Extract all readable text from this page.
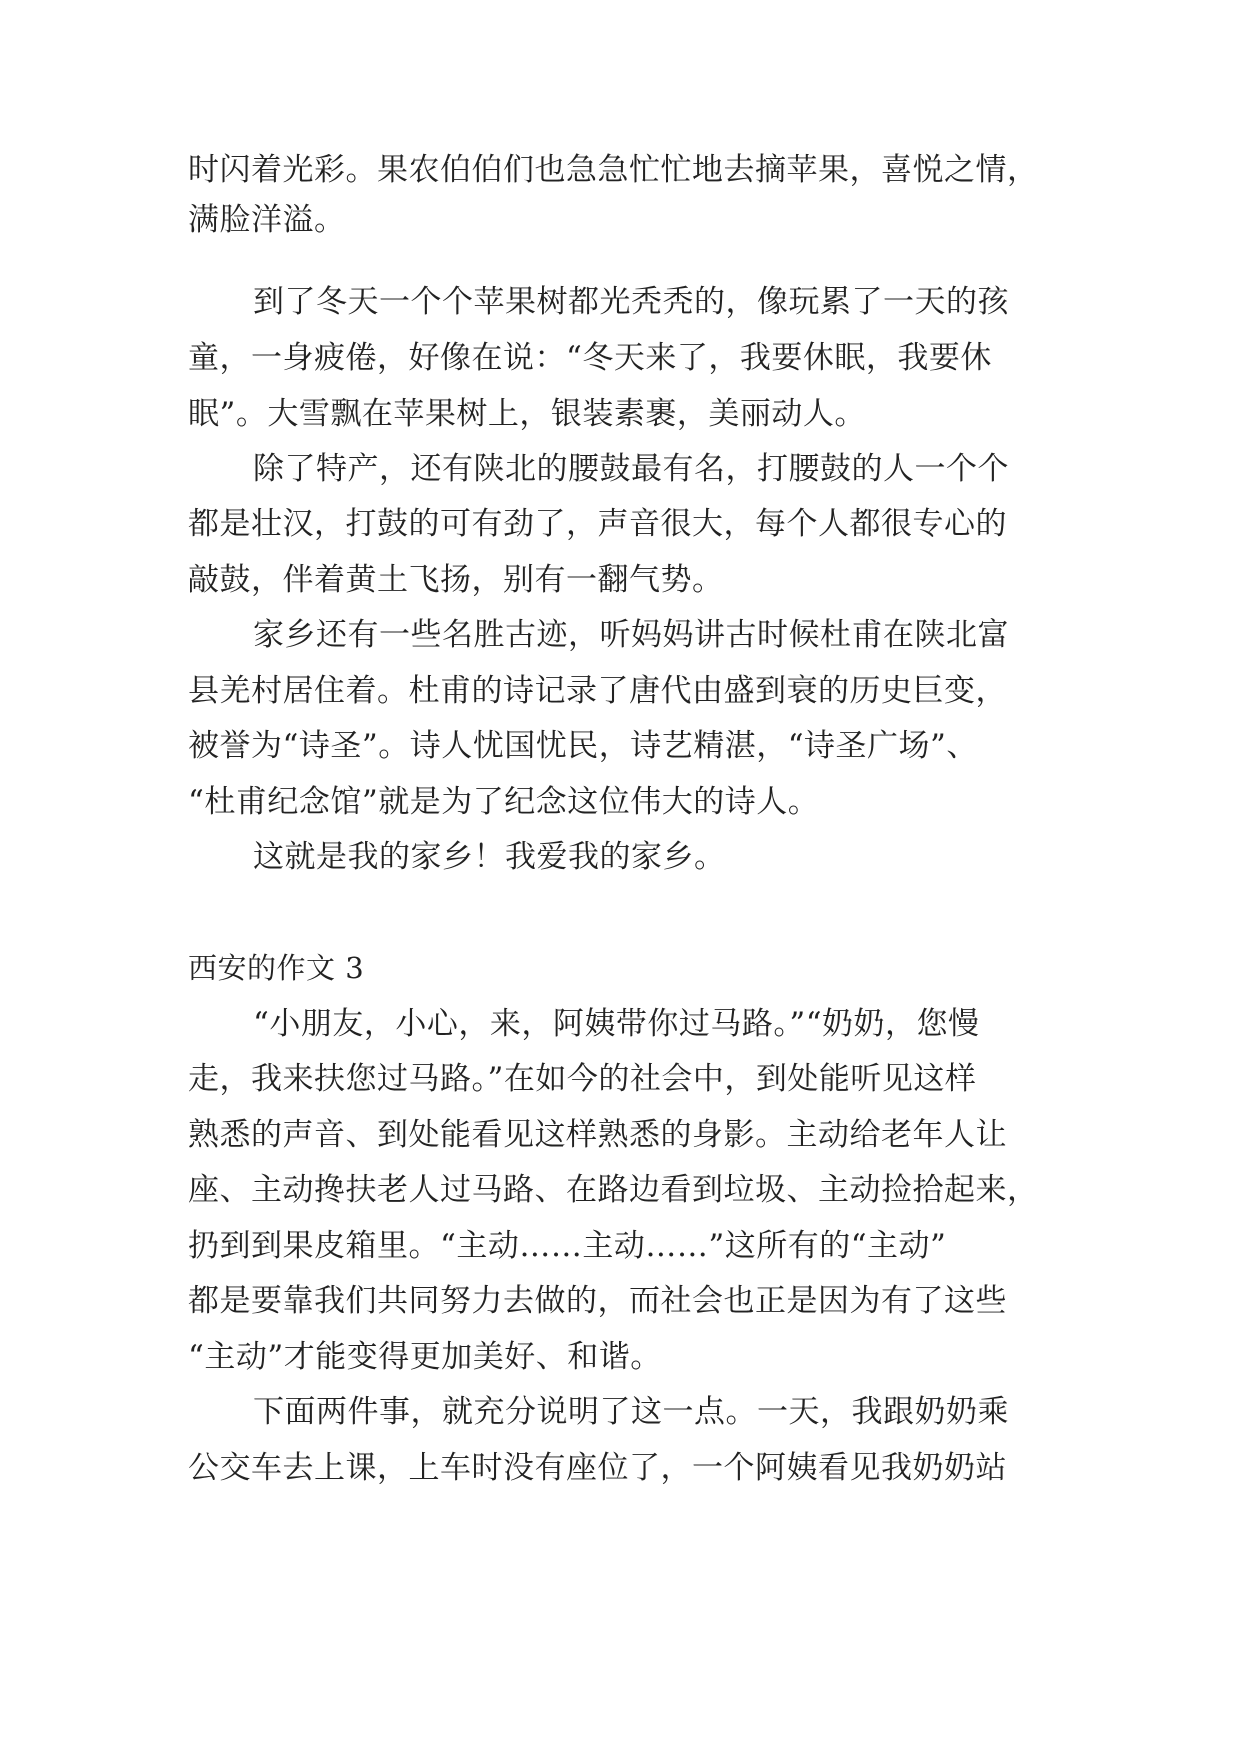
时闪着光彩。果农伯伯们也急急忙忙地去摘苹果，喜悦之情，
满脸洋溢。
到了冬天一个个苹果树都光秃秃的，像玩累了一天的孩
童，一身疲倦，好像在说：“冬天来了，我要休眠，我要休
眠”。大雪飘在苹果树上，银装素裹，美丽动人。
除了特产，还有陕北的腰鼓最有名，打腰鼓的人一个个
都是壮汉，打鼓的可有劲了，声音很大，每个人都很专心的
敲鼓，伴着黄土飞扬，别有一翻气势。
家乡还有一些名胜古迹，听妈妈讲古时候杜甫在陕北富
县羌村居住着。杜甫的诗记录了唐代由盛到衰的历史巨变，
被誉为“诗圣”。诗人忧国忧民，诗艺精湛，“诗圣广场”、
“杜甫纪念馆”就是为了纪念这位伟大的诗人。
这就是我的家乡！我爱我的家乡。
西安的作文 3
“小朋友，小心，来，阿姨带你过马路。”“奶奶，您慢
走，我来扶您过马路。”在如今的社会中，到处能听见这样
熟悉的声音、到处能看见这样熟悉的身影。主动给老年人让
座、主动搀扶老人过马路、在路边看到垃圾、主动捡拾起来，
扔到到果皮箱里。“主动……主动……”这所有的“主动”
都是要靠我们共同努力去做的，而社会也正是因为有了这些
“主动”才能变得更加美好、和谐。
下面两件事，就充分说明了这一点。一天，我跟奶奶乘
公交车去上课，上车时没有座位了，一个阿姨看见我奶奶站
